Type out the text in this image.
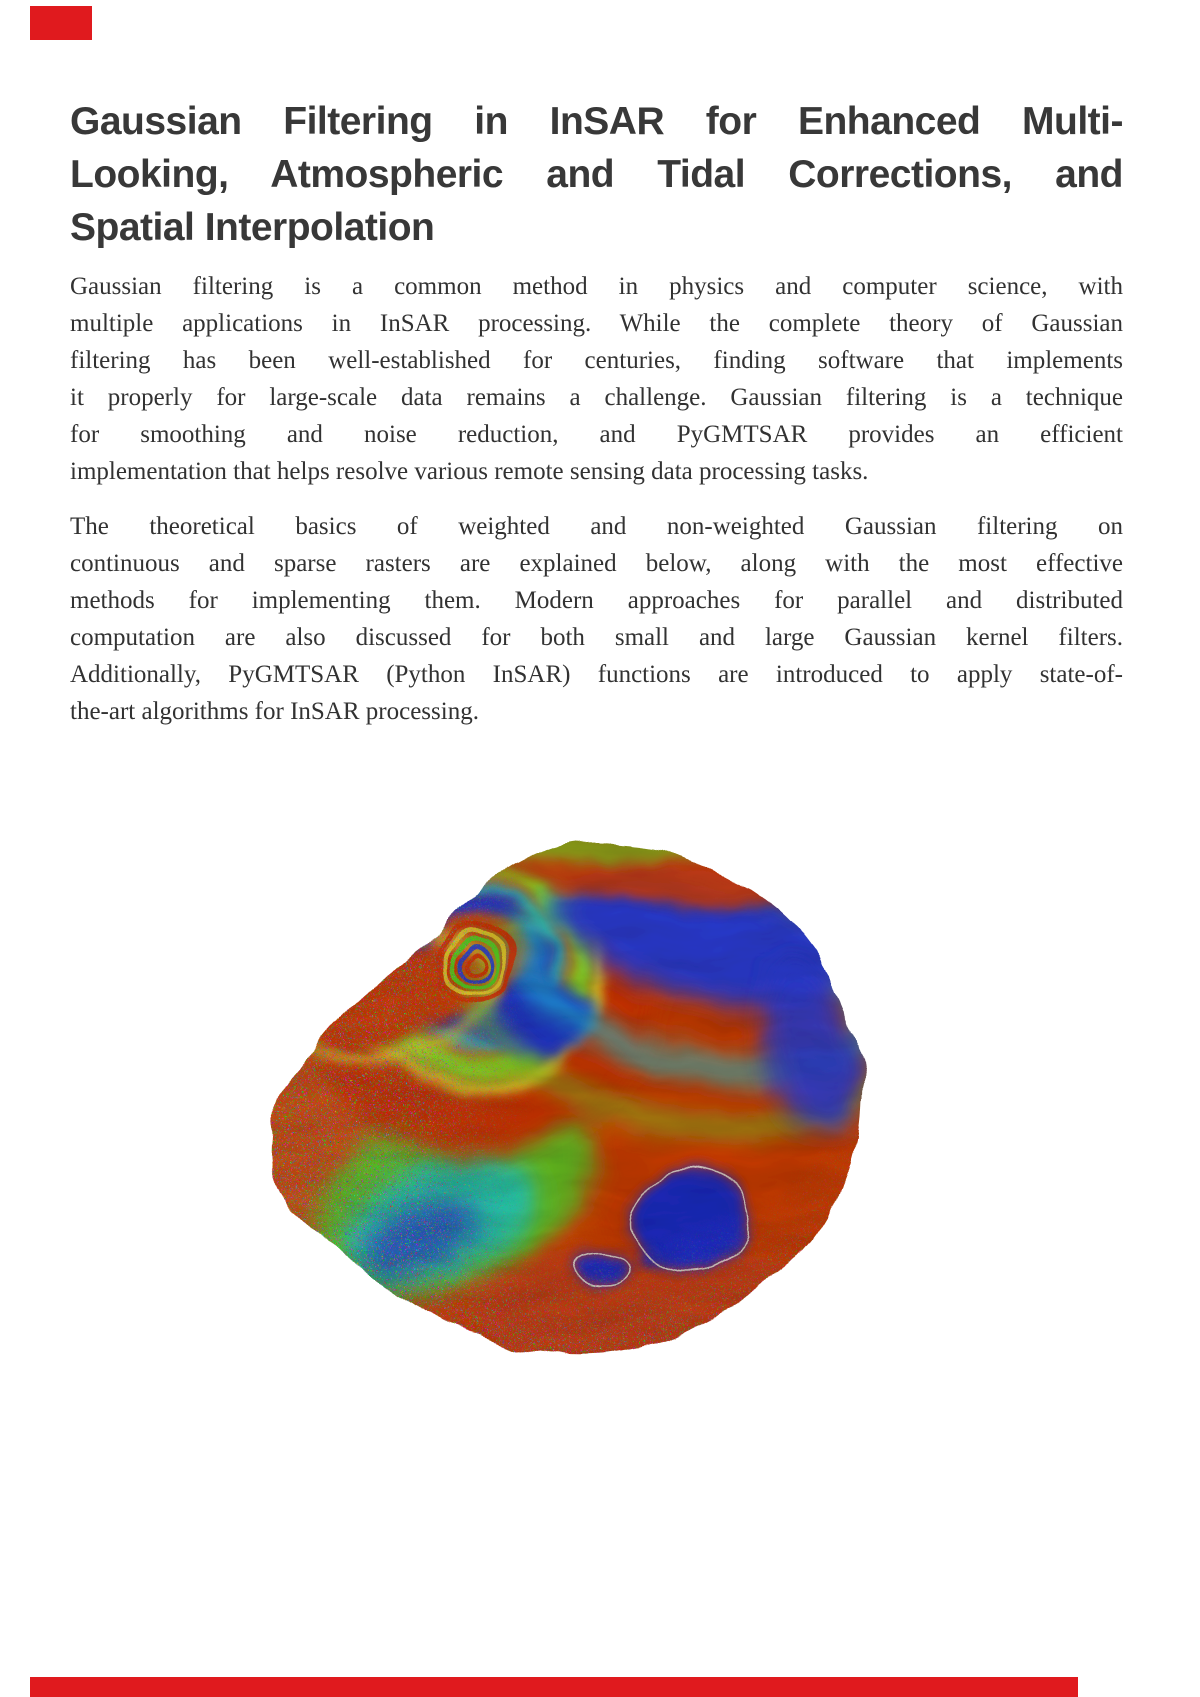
Gaussian Filtering in InSAR for Enhanced Multi-
Looking, Atmospheric and Tidal Corrections, and
Spatial Interpolation
Gaussian filtering is a common method in physics and computer science, with
multiple applications in InSAR processing. While the complete theory of Gaussian
filtering has been well-established for centuries, finding software that implements
it properly for large-scale data remains a challenge. Gaussian filtering is a technique
for smoothing and noise reduction, and PyGMTSAR provides an efficient
implementation that helps resolve various remote sensing data processing tasks.
The theoretical basics of weighted and non-weighted Gaussian filtering on
continuous and sparse rasters are explained below, along with the most effective
methods for implementing them. Modern approaches for parallel and distributed
computation are also discussed for both small and large Gaussian kernel filters.
Additionally, PyGMTSAR (Python InSAR) functions are introduced to apply state-of-
the-art algorithms for InSAR processing.
